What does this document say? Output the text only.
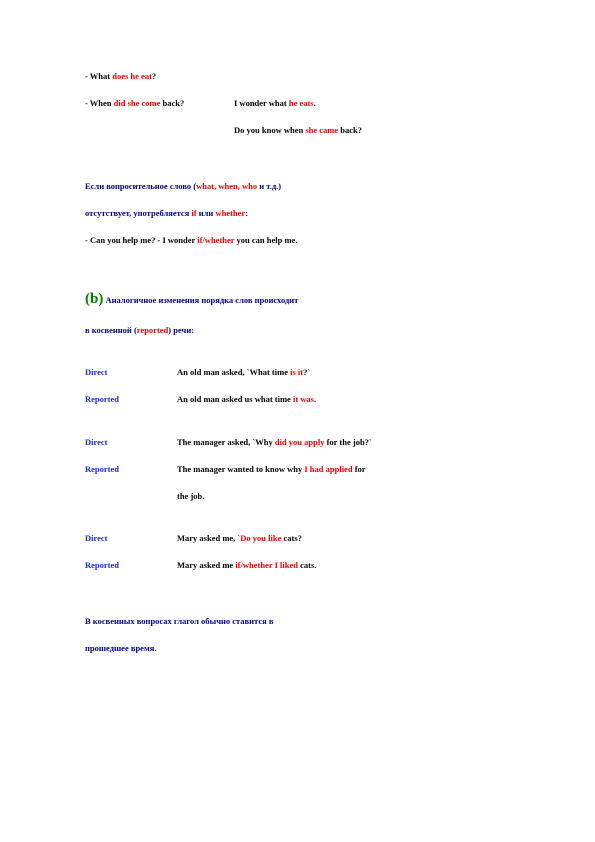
- What does he eat?
- When did she come back?	I wonder what he eats.
Do you know when she came back?
Если вопросительное слово (what, when, who и т.д.)
отсутствует, употребляется if или whether:
- Can you help me? - I wonder if/whether you can help me.
(b) Аналогичное изменения порядка слов происходит
в косвенной (reported) речи:
Direct	An old man asked, `What time is it?`
Reported	An old man asked us what time it was.
Direct	The manager asked, `Why did you apply for the job?`
Reported	The manager wanted to know why I had applied for
the job.
Direct	Mary asked me, `Do you like cats?
Reported	Mary asked me if/whether I liked cats.
В косвенных вопросах глагол обычно ставится в
прошедшее время.
